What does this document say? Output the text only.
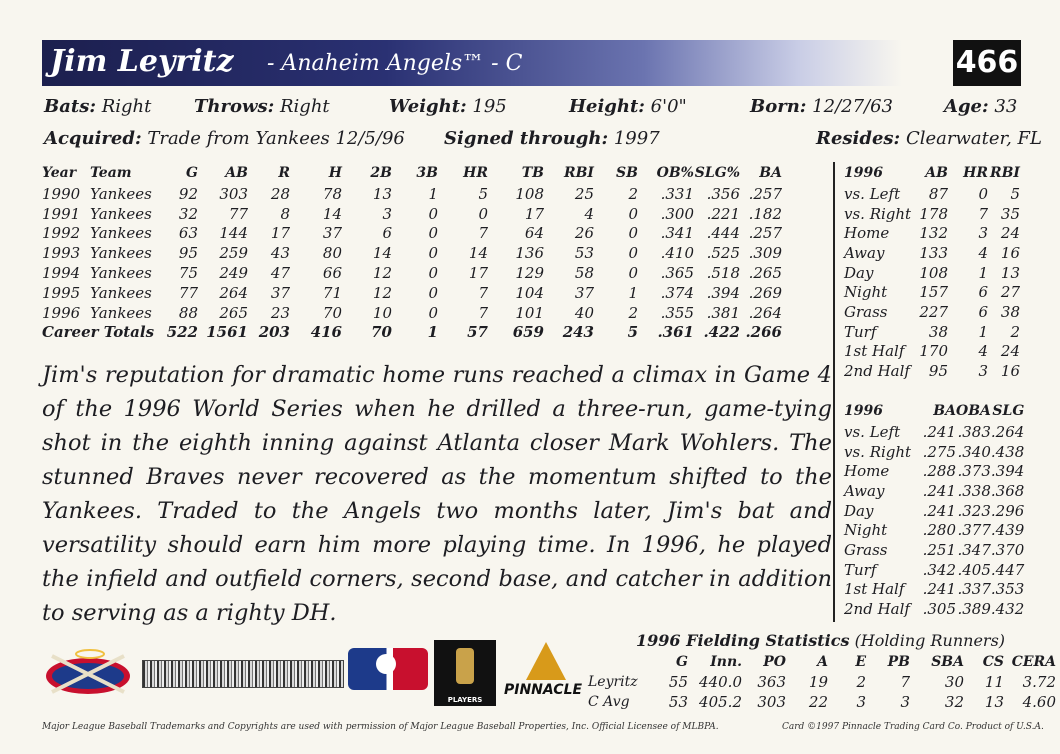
Jim Leyritz - Anaheim Angels™ - C	466
Bats: Right Throws: Right	Weight: 195	Height: 6'0"	Born: 12/27/63	Age: 33
Acquired: Trade from Yankees 12/5/96 Signed through: 1997	Resides: Clearwater, FL
Year	Team	G	AB	R	H	2B	3B	HR	TB	RBI	SB	OB%	SLG%	BA
1990	Yankees	92	303	28	78	13	1	5	108	25	2	.331	.356	.257
1991	Yankees	32	77	8	14	3	0	0	17	4	0	.300	.221	.182
1992	Yankees	63	144	17	37	6	0	7	64	26	0	.341	.444	.257
1993	Yankees	95	259	43	80	14	0	14	136	53	0	.410	.525	.309
1994	Yankees	75	249	47	66	12	0	17	129	58	0	.365	.518	.265
1995	Yankees	77	264	37	71	12	0	7	104	37	1	.374	.394	.269
1996	Yankees	88	265	23	70	10	0	7	101	40	2	.355	.381	.264
Career Totals		522	1561	203	416	70	1	57	659	243	5	.361	.422	.266
1996	AB	HR	RBI
vs. Left	87	0	5
vs. Right	178	7	35
Home	132	3	24
Away	133	4	16
Day	108	1	13
Night	157	6	27
Grass	227	6	38
Turf	38	1	2
1st Half	170	4	24
2nd Half	95	3	16
1996	BA	OBA	SLG
vs. Left	.241	.383	.264
vs. Right	.275	.340	.438
Home	.288	.373	.394
Away	.241	.338	.368
Day	.241	.323	.296
Night	.280	.377	.439
Grass	.251	.347	.370
Turf	.342	.405	.447
1st Half	.241	.337	.353
2nd Half	.305	.389	.432
Jim's reputation for dramatic home runs reached a climax in Game 4 of the 1996 World Series when he drilled a three-run, game-tying shot in the eighth inning against Atlanta closer Mark Wohlers. The stunned Braves never recovered as the momentum shifted to the Yankees. Traded to the Angels two months later, Jim's bat and versatility should earn him more playing time. In 1996, he played the infield and outfield corners, second base, and catcher in addition to serving as a righty DH.
PLAYERS
PINNACLE
1996 Fielding Statistics (Holding Runners)
	G	Inn.	PO	A	E	PB	SBA	CS	CERA
Leyritz	55	440.0	363	19	2	7	30	11	3.72
C Avg	53	405.2	303	22	3	3	32	13	4.60
Major League Baseball Trademarks and Copyrights are used with permission of Major League Baseball Properties, Inc. Official Licensee of MLBPA.	Card ©1997 Pinnacle Trading Card Co. Product of U.S.A.
